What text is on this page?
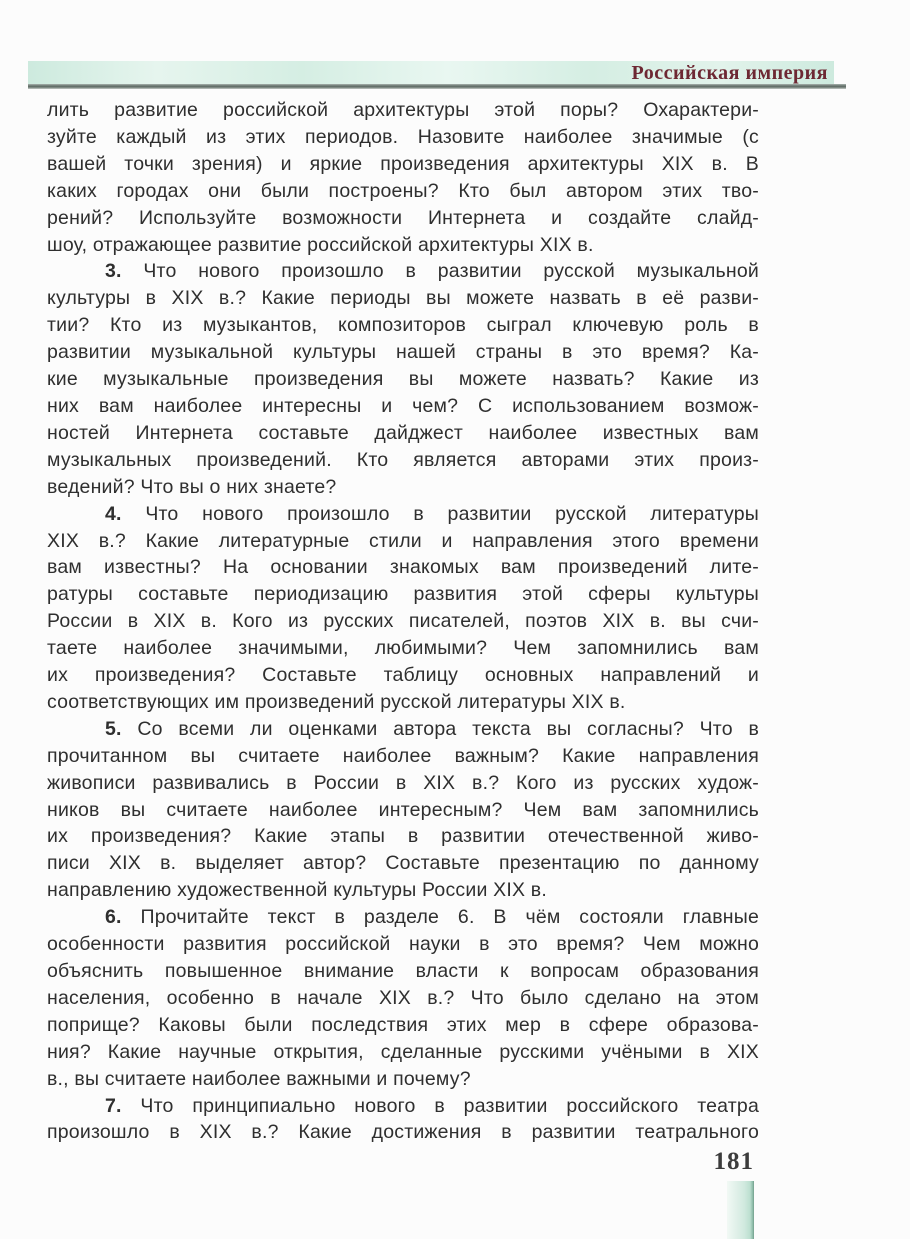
Российская империя
лить развитие российской архитектуры этой поры? Охарактери-
зуйте каждый из этих периодов. Назовите наиболее значимые (с
вашей точки зрения) и яркие произведения архитектуры XIX в. В
каких городах они были построены? Кто был автором этих тво-
рений? Используйте возможности Интернета и создайте слайд-
шоу, отражающее развитие российской архитектуры XIX в.
3. Что нового произошло в развитии русской музыкальной
культуры в XIX в.? Какие периоды вы можете назвать в её разви-
тии? Кто из музыкантов, композиторов сыграл ключевую роль в
развитии музыкальной культуры нашей страны в это время? Ка-
кие музыкальные произведения вы можете назвать? Какие из
них вам наиболее интересны и чем? С использованием возмож-
ностей Интернета составьте дайджест наиболее известных вам
музыкальных произведений. Кто является авторами этих произ-
ведений? Что вы о них знаете?
4. Что нового произошло в развитии русской литературы
XIX в.? Какие литературные стили и направления этого времени
вам известны? На основании знакомых вам произведений лите-
ратуры составьте периодизацию развития этой сферы культуры
России в XIX в. Кого из русских писателей, поэтов XIX в. вы счи-
таете наиболее значимыми, любимыми? Чем запомнились вам
их произведения? Составьте таблицу основных направлений и
соответствующих им произведений русской литературы XIX в.
5. Со всеми ли оценками автора текста вы согласны? Что в
прочитанном вы считаете наиболее важным? Какие направления
живописи развивались в России в XIX в.? Кого из русских худож-
ников вы считаете наиболее интересным? Чем вам запомнились
их произведения? Какие этапы в развитии отечественной живо-
писи XIX в. выделяет автор? Составьте презентацию по данному
направлению художественной культуры России XIX в.
6. Прочитайте текст в разделе 6. В чём состояли главные
особенности развития российской науки в это время? Чем можно
объяснить повышенное внимание власти к вопросам образования
населения, особенно в начале XIX в.? Что было сделано на этом
поприще? Каковы были последствия этих мер в сфере образова-
ния? Какие научные открытия, сделанные русскими учёными в XIX
в., вы считаете наиболее важными и почему?
7. Что принципиально нового в развитии российского театра
произошло в XIX в.? Какие достижения в развитии театрального
181
